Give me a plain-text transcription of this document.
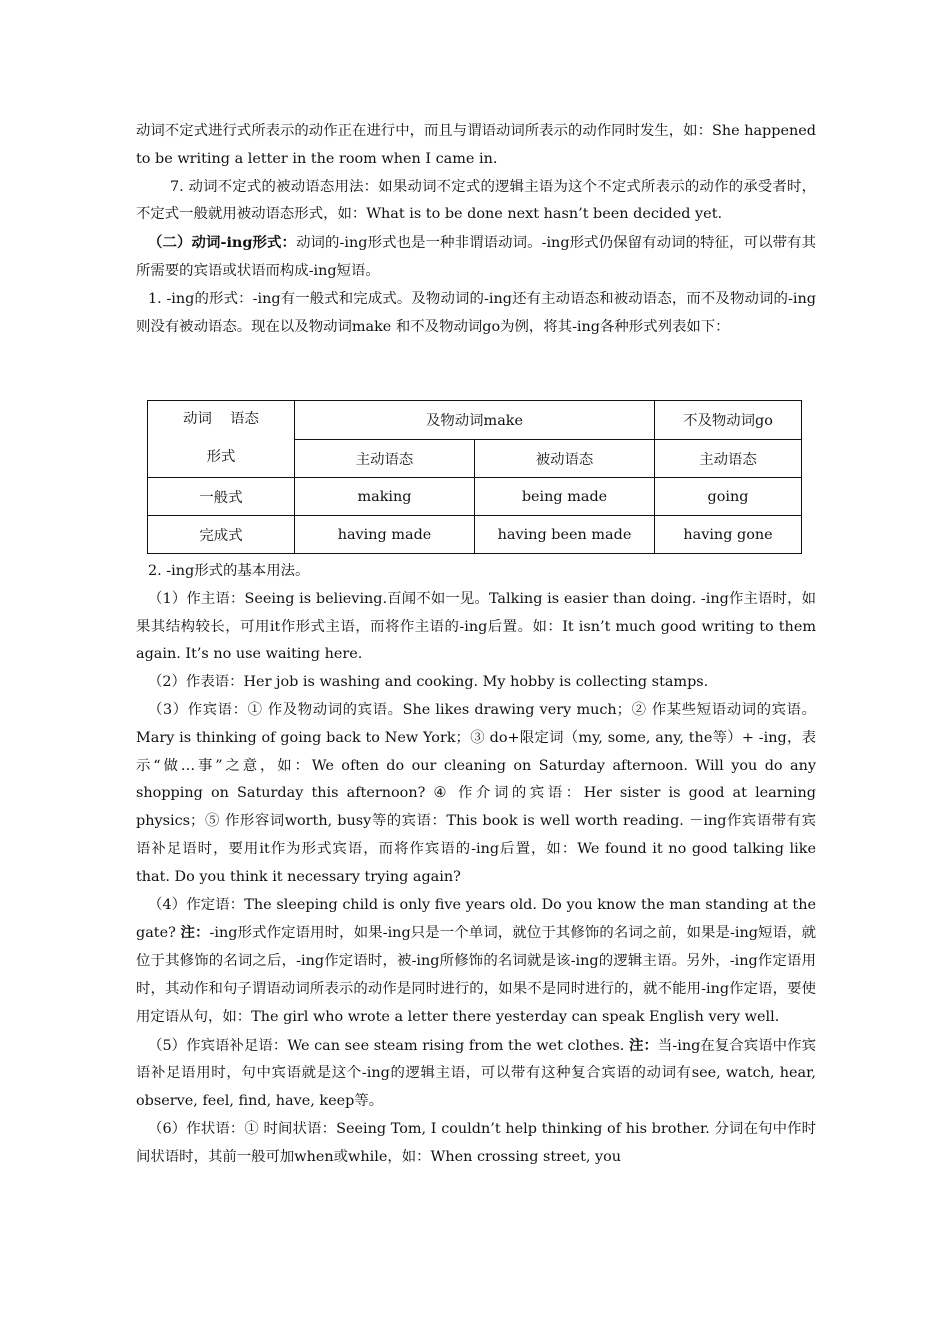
动词不定式进行式所表示的动作正在进行中，而且与谓语动词所表示的动作同时发生，如：She happened to be writing a letter in the room when I came in.

7. 动词不定式的被动语态用法：如果动词不定式的逻辑主语为这个不定式所表示的动作的承受者时，不定式一般就用被动语态形式，如：What is to be done next hasn’t been decided yet.

（二）动词-ing形式：动词的-ing形式也是一种非谓语动词。-ing形式仍保留有动词的特征，可以带有其所需要的宾语或状语而构成-ing短语。

1. -ing的形式：-ing有一般式和完成式。及物动词的-ing还有主动语态和被动语态，而不及物动词的-ing则没有被动语态。现在以及物动词make 和不及物动词go为例，将其-ing各种形式列表如下：

动词    语态
形式	及物动词make		不及物动词go
	主动语态	被动语态	主动语态
一般式	making	being made	going
完成式	having made	having been made	having gone

2. -ing形式的基本用法。

（1）作主语：Seeing is believing.百闻不如一见。Talking is easier than doing. -ing作主语时，如果其结构较长，可用it作形式主语，而将作主语的-ing后置。如：It isn’t much good writing to them again. It’s no use waiting here.

（2）作表语：Her job is washing and cooking. My hobby is collecting stamps.

（3）作宾语：① 作及物动词的宾语。She likes drawing very much；② 作某些短语动词的宾语。 Mary is thinking of going back to New York；③ do+限定词（my, some, any, the等）+ -ing，表示“做…事”之意，如：We often do our cleaning on Saturday afternoon. Will you do any shopping on Saturday this afternoon? ④ 作介词的宾语：Her sister is good at learning physics；⑤ 作形容词worth, busy等的宾语：This book is well worth reading. －ing作宾语带有宾语补足语时，要用it作为形式宾语，而将作宾语的-ing后置，如：We found it no good talking like that. Do you think it necessary trying again?

（4）作定语：The sleeping child is only five years old. Do you know the man standing at the gate? 注：-ing形式作定语用时，如果-ing只是一个单词，就位于其修饰的名词之前，如果是-ing短语，就位于其修饰的名词之后，-ing作定语时，被-ing所修饰的名词就是该-ing的逻辑主语。另外，-ing作定语用时，其动作和句子谓语动词所表示的动作是同时进行的，如果不是同时进行的，就不能用-ing作定语，要使用定语从句，如：The girl who wrote a letter there yesterday can speak English very well.

（5）作宾语补足语：We can see steam rising from the wet clothes. 注：当-ing在复合宾语中作宾语补足语用时，句中宾语就是这个-ing的逻辑主语，可以带有这种复合宾语的动词有see, watch, hear, observe, feel, find, have, keep等。

（6）作状语：① 时间状语：Seeing Tom, I couldn’t help thinking of his brother. 分词在句中作时间状语时，其前一般可加when或while，如：When crossing street, you
